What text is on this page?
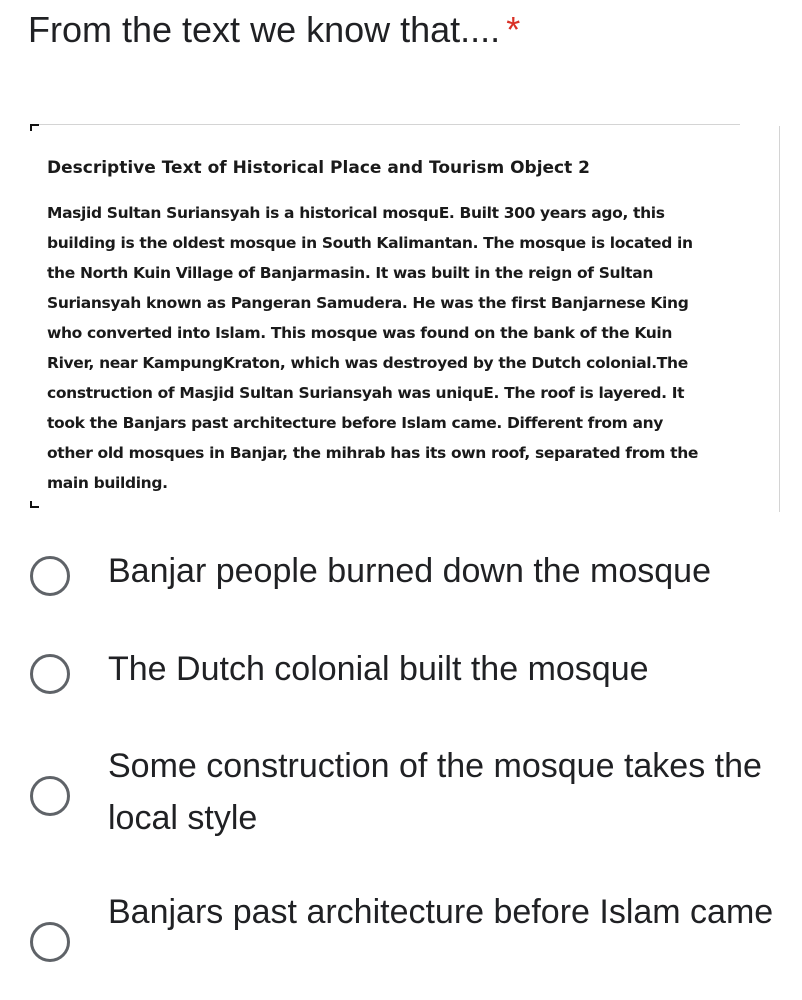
From the text we know that.... *
Descriptive Text of Historical Place and Tourism Object 2
Masjid Sultan Suriansyah is a historical mosquE. Built 300 years ago, this
building is the oldest mosque in South Kalimantan. The mosque is located in
the North Kuin Village of Banjarmasin. It was built in the reign of Sultan
Suriansyah known as Pangeran Samudera. He was the first Banjarnese King
who converted into Islam. This mosque was found on the bank of the Kuin
River, near KampungKraton, which was destroyed by the Dutch colonial.The
construction of Masjid Sultan Suriansyah was uniquE. The roof is layered. It
took the Banjars past architecture before Islam came. Different from any
other old mosques in Banjar, the mihrab has its own roof, separated from the
main building.
Banjar people burned down the mosque
The Dutch colonial built the mosque
Some construction of the mosque takes the local style
Banjars past architecture before Islam came
